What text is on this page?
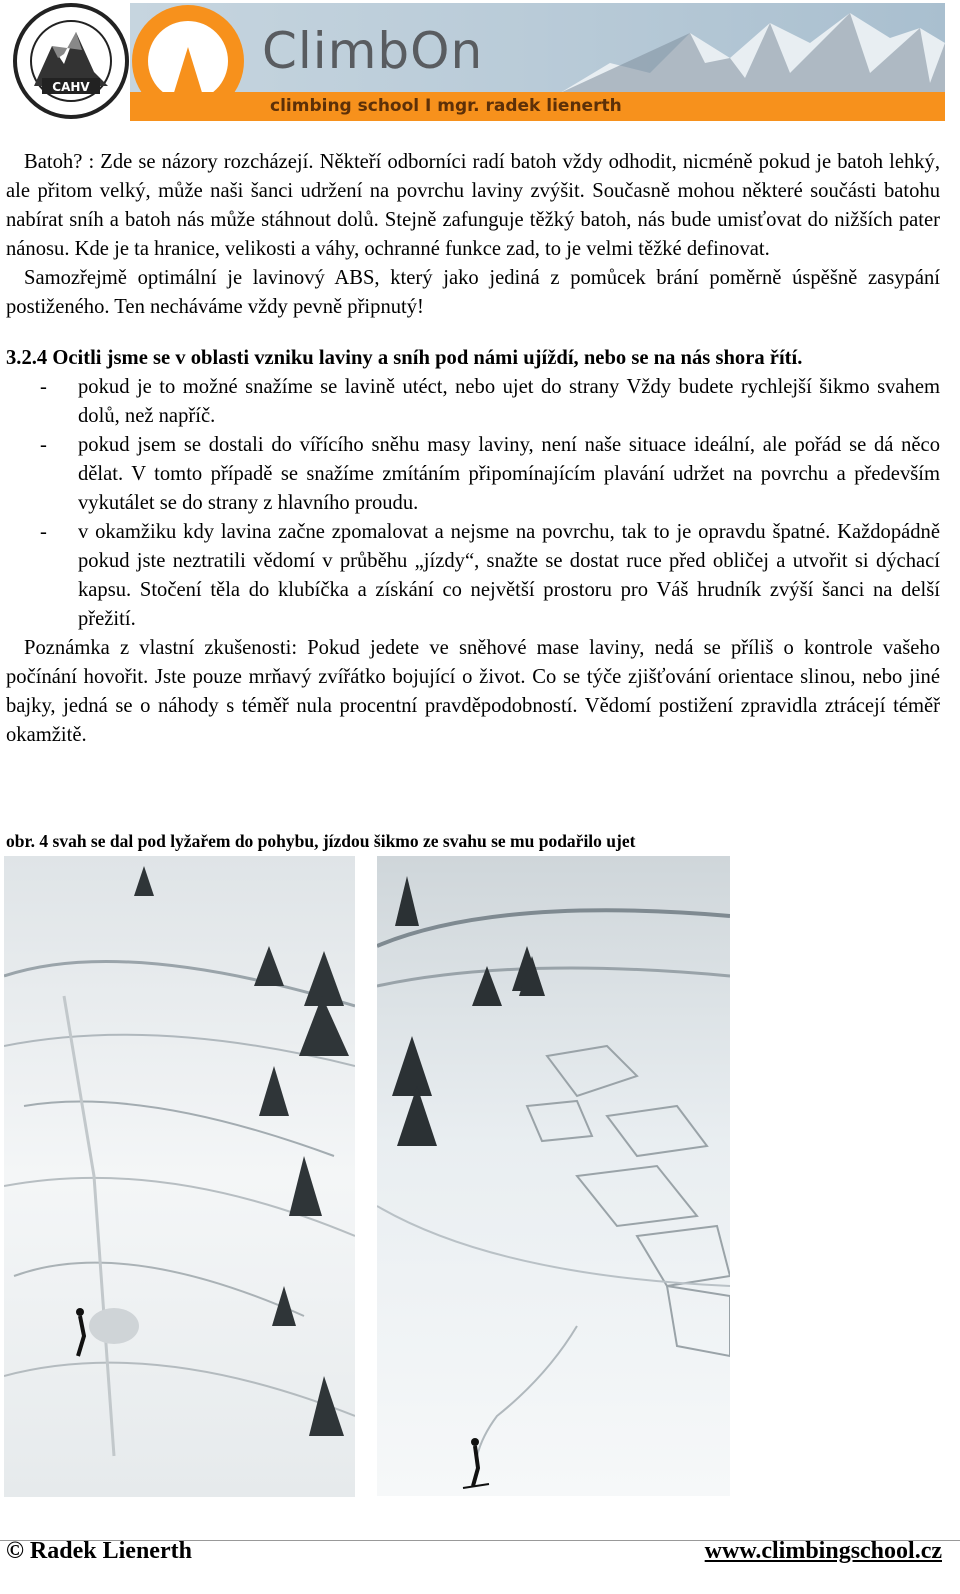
CAHV
ClimbOn
climbing school I mgr. radek lienerth

Batoh? : Zde se názory rozcházejí. Někteří odborníci radí batoh vždy odhodit, nicméně pokud je batoh lehký, ale přitom velký, může naši šanci udržení na povrchu laviny zvýšit. Současně mohou některé součásti batohu nabírat sníh a batoh nás může stáhnout dolů. Stejně zafunguje těžký batoh, nás bude umisťovat do nižších pater nánosu. Kde je ta hranice, velikosti a váhy, ochranné funkce zad, to je velmi těžké definovat.

Samozřejmě optimální je lavinový ABS, který jako jediná z pomůcek brání poměrně úspěšně zasypání postiženého. Ten necháváme vždy pevně připnutý!

3.2.4 Ocitli jsme se v oblasti vzniku laviny a sníh pod námi ujíždí, nebo se na nás shora řítí.

- pokud je to možné snažíme se lavině utéct, nebo ujet do strany Vždy budete rychlejší šikmo svahem dolů, než napříč.
- pokud jsem se dostali do vířícího sněhu masy laviny, není naše situace ideální, ale pořád se dá něco dělat. V tomto případě se snažíme zmítáním připomínajícím plavání udržet na povrchu a především vykutálet se do strany z hlavního proudu.
- v okamžiku kdy lavina začne zpomalovat a nejsme na povrchu, tak to je opravdu špatné. Každopádně pokud jste neztratili vědomí v průběhu „jízdy“, snažte se dostat ruce před obličej a utvořit si dýchací kapsu. Stočení těla do klubíčka a získání co největší prostoru pro Váš hrudník zvýší šanci na delší přežití.

Poznámka z vlastní zkušenosti: Pokud jedete ve sněhové mase laviny, nedá se příliš o kontrole vašeho počínání hovořit. Jste pouze mrňavý zvířátko bojující o život. Co se týče zjišťování orientace slinou, nebo jiné bajky, jedná se o náhody s téměř nula procentní pravděpodobností. Vědomí postižení zpravidla ztrácejí téměř okamžitě.

obr. 4 svah se dal pod lyžařem do pohybu, jízdou šikmo ze svahu se mu podařilo ujet
© Radek Lienerth	www.climbingschool.cz
